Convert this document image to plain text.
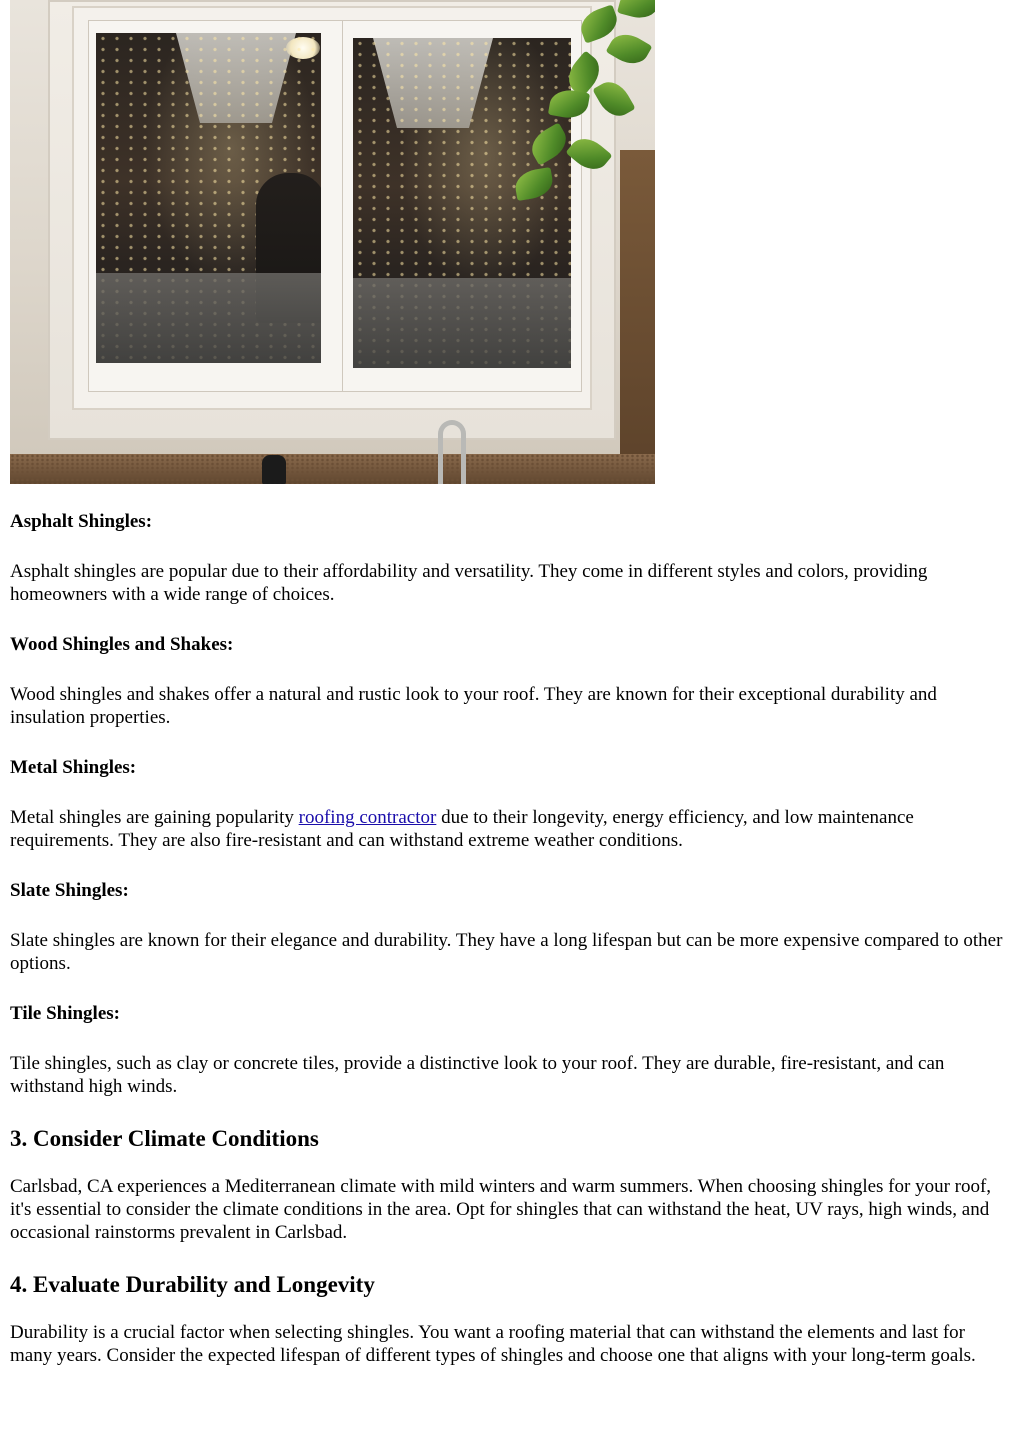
Asphalt Shingles:

Asphalt shingles are popular due to their affordability and versatility. They come in different styles and colors, providing homeowners with a wide range of choices.

Wood Shingles and Shakes:

Wood shingles and shakes offer a natural and rustic look to your roof. They are known for their exceptional durability and insulation properties.

Metal Shingles:

Metal shingles are gaining popularity roofing contractor due to their longevity, energy efficiency, and low maintenance requirements. They are also fire-resistant and can withstand extreme weather conditions.

Slate Shingles:

Slate shingles are known for their elegance and durability. They have a long lifespan but can be more expensive compared to other options.

Tile Shingles:

Tile shingles, such as clay or concrete tiles, provide a distinctive look to your roof. They are durable, fire-resistant, and can withstand high winds.

3. Consider Climate Conditions

Carlsbad, CA experiences a Mediterranean climate with mild winters and warm summers. When choosing shingles for your roof, it's essential to consider the climate conditions in the area. Opt for shingles that can withstand the heat, UV rays, high winds, and occasional rainstorms prevalent in Carlsbad.

4. Evaluate Durability and Longevity

Durability is a crucial factor when selecting shingles. You want a roofing material that can withstand the elements and last for many years. Consider the expected lifespan of different types of shingles and choose one that aligns with your long-term goals.
